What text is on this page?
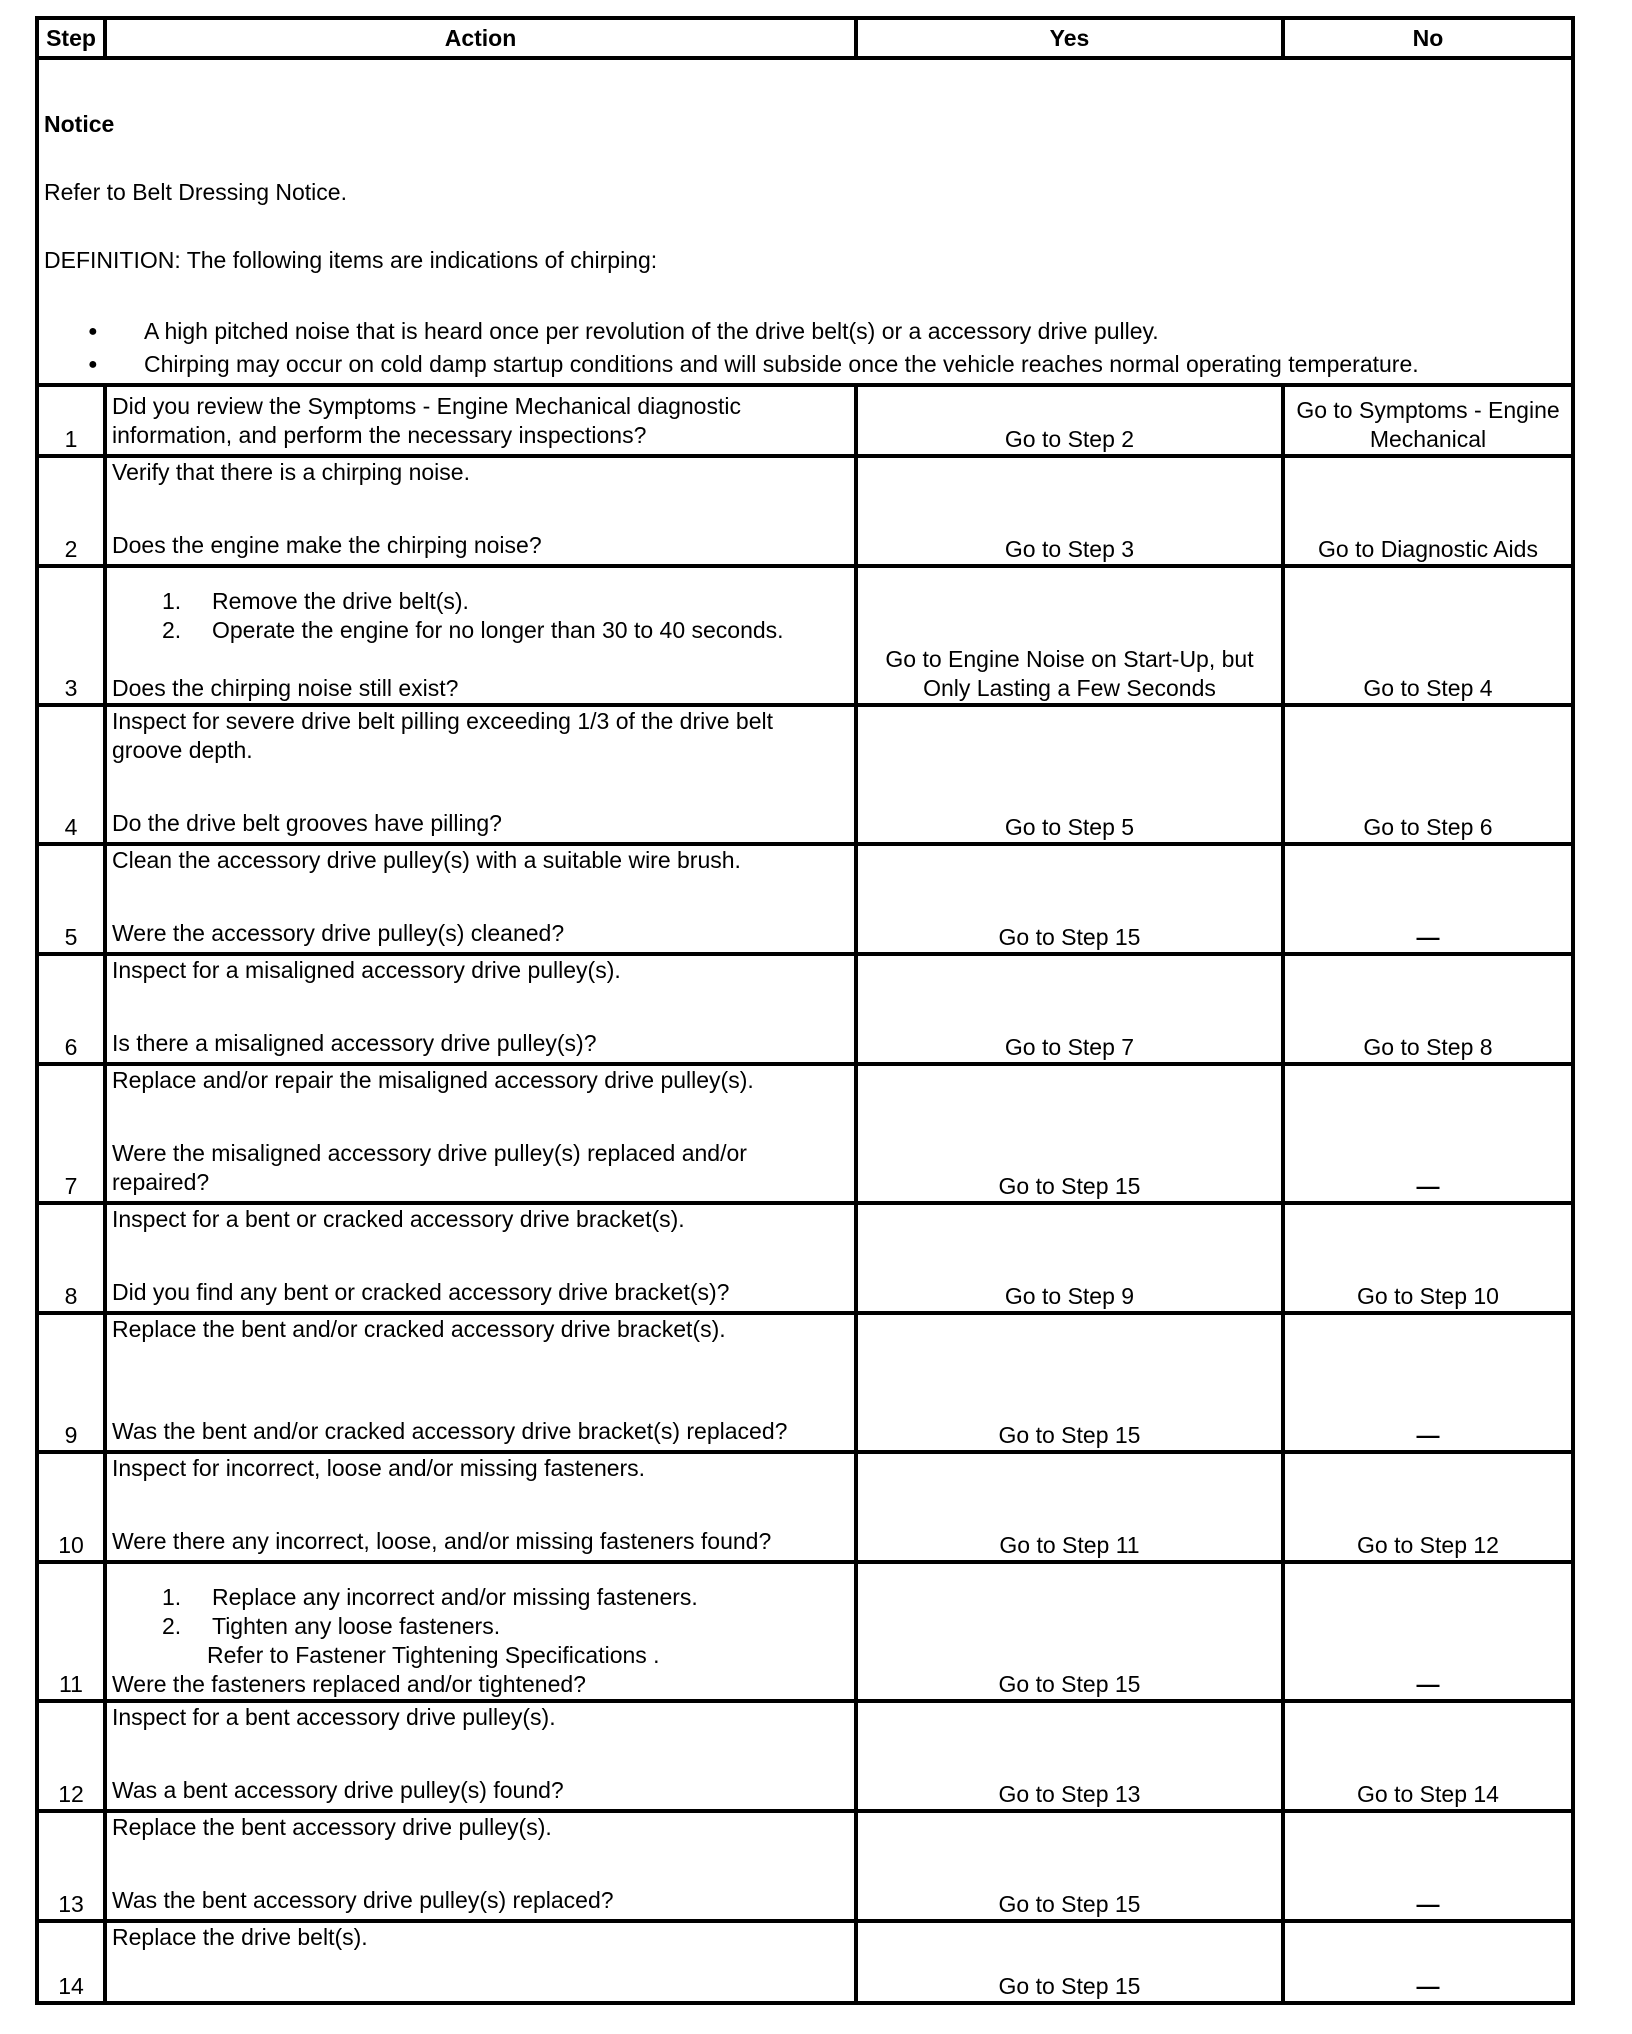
Step	Action	Yes	No

Notice
Refer to Belt Dressing Notice.
DEFINITION: The following items are indications of chirping:
● A high pitched noise that is heard once per revolution of the drive belt(s) or a accessory drive pulley.
● Chirping may occur on cold damp startup conditions and will subside once the vehicle reaches normal operating temperature.

1	Did you review the Symptoms - Engine Mechanical diagnostic information, and perform the necessary inspections?	Go to Step 2	Go to Symptoms - Engine Mechanical
2	Verify that there is a chirping noise.
Does the engine make the chirping noise?	Go to Step 3	Go to Diagnostic Aids
3	
1. Remove the drive belt(s).
2. Operate the engine for no longer than 30 to 40 seconds.
Does the chirping noise still exist?
	Go to Engine Noise on Start-Up, but Only Lasting a Few Seconds	Go to Step 4
4	Inspect for severe drive belt pilling exceeding 1/3 of the drive belt groove depth.
Do the drive belt grooves have pilling?	Go to Step 5	Go to Step 6
5	Clean the accessory drive pulley(s) with a suitable wire brush.
Were the accessory drive pulley(s) cleaned?	Go to Step 15	—
6	Inspect for a misaligned accessory drive pulley(s).
Is there a misaligned accessory drive pulley(s)?	Go to Step 7	Go to Step 8
7	Replace and/or repair the misaligned accessory drive pulley(s).
Were the misaligned accessory drive pulley(s) replaced and/or repaired?	Go to Step 15	—
8	Inspect for a bent or cracked accessory drive bracket(s).
Did you find any bent or cracked accessory drive bracket(s)?	Go to Step 9	Go to Step 10
9	Replace the bent and/or cracked accessory drive bracket(s).
Was the bent and/or cracked accessory drive bracket(s) replaced?	Go to Step 15	—
10	Inspect for incorrect, loose and/or missing fasteners.
Were there any incorrect, loose, and/or missing fasteners found?	Go to Step 11	Go to Step 12
11	
1. Replace any incorrect and/or missing fasteners.
2. Tighten any loose fasteners.
Refer to Fastener Tightening Specifications .
Were the fasteners replaced and/or tightened?	Go to Step 15	—
12	Inspect for a bent accessory drive pulley(s).
Was a bent accessory drive pulley(s) found?	Go to Step 13	Go to Step 14
13	Replace the bent accessory drive pulley(s).
Was the bent accessory drive pulley(s) replaced?	Go to Step 15	—
14	Replace the drive belt(s).	Go to Step 15	—
